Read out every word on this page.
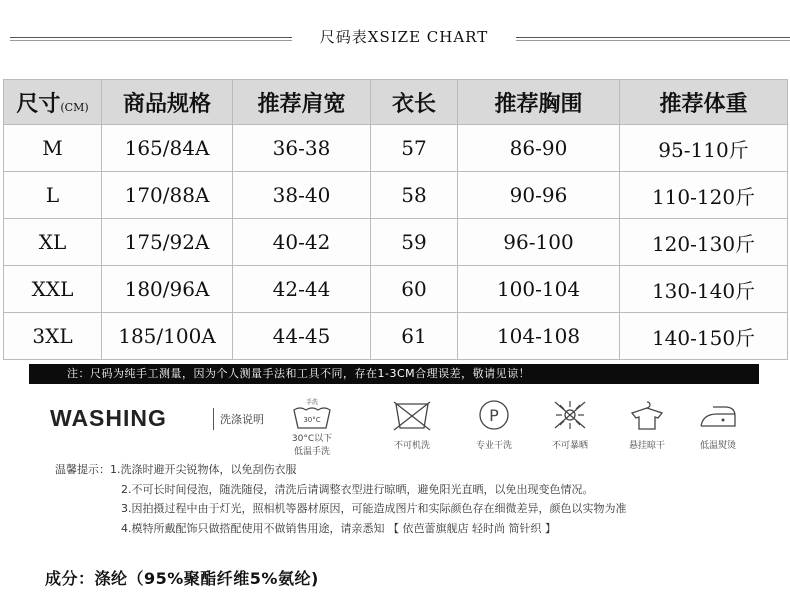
尺码表XSIZE CHART
尺寸(CM)	商品规格	推荐肩宽	衣长	推荐胸围	推荐体重
M	165/84A	36-38	57	86-90	95-110斤
L	170/88A	38-40	58	90-96	110-120斤
XL	175/92A	40-42	59	96-100	120-130斤
XXL	180/96A	42-44	60	100-104	130-140斤
3XL	185/100A	44-45	61	104-108	140-150斤
注：尺码为纯手工测量，因为个人测量手法和工具不同，存在1-3CM合理误差，敬请见谅！
WASHING	洗涤说明
手洗
30°C
30°C以下
低温手洗
不可机洗
P
专业干洗	不可暴晒	悬挂晾干	低温熨烫
温馨提示：1.洗涤时避开尖锐物体，以免刮伤衣服
2.不可长时间侵泡，随洗随侵，清洗后请调整衣型进行晾晒，避免阳光直晒，以免出现变色情况。
3.因拍摄过程中由于灯光，照相机等器材原因，可能造成图片和实际颜色存在细微差异，颜色以实物为准
4.模特所戴配饰只做搭配使用不做销售用途，请亲悉知 【 依芭蕾旗舰店 轻时尚 简针织 】
成分：涤纶（95%聚酯纤维5%氨纶)
